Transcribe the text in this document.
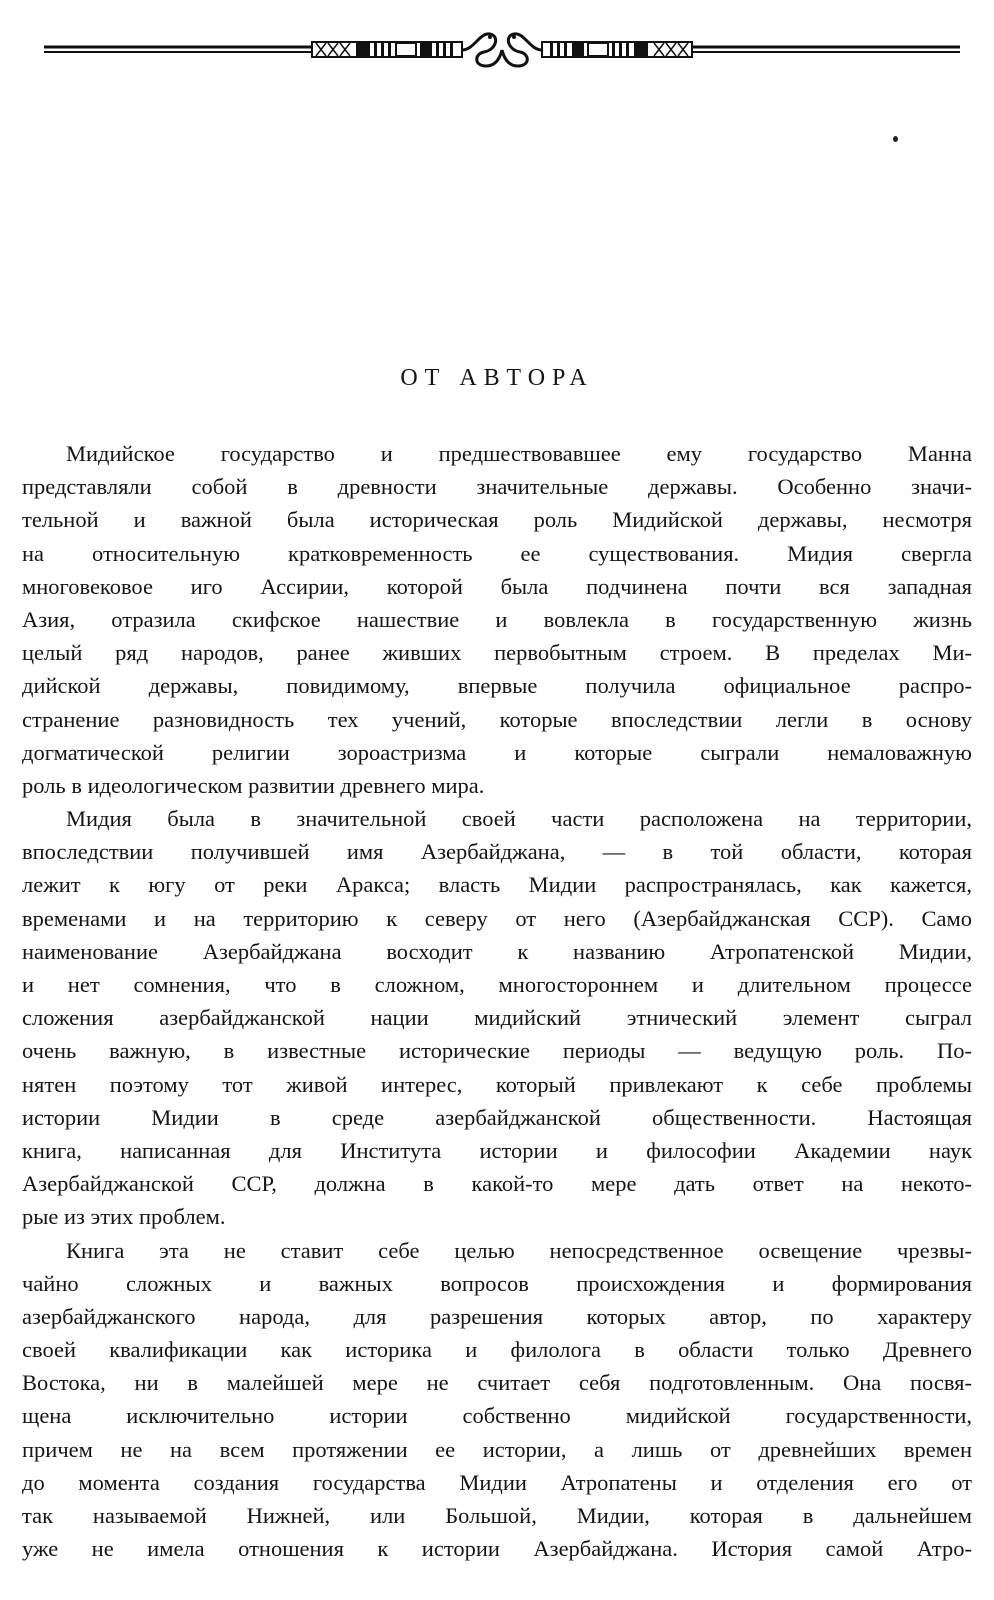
ОТ АВТОРА
Мидийское государство и предшествовавшее ему государство Манна
представляли собой в древности значительные державы. Особенно значи-
тельной и важной была историческая роль Мидийской державы, несмотря
на относительную кратковременность ее существования. Мидия свергла
многовековое иго Ассирии, которой была подчинена почти вся западная
Азия, отразила скифское нашествие и вовлекла в государственную жизнь
целый ряд народов, ранее живших первобытным строем. В пределах Ми-
дийской державы, повидимому, впервые получила официальное распро-
странение разновидность тех учений, которые впоследствии легли в основу
догматической религии зороастризма и которые сыграли немаловажную
роль в идеологическом развитии древнего мира.
Мидия была в значительной своей части расположена на территории,
впоследствии получившей имя Азербайджана, — в той области, которая
лежит к югу от реки Аракса; власть Мидии распространялась, как кажется,
временами и на территорию к северу от него (Азербайджанская ССР). Само
наименование Азербайджана восходит к названию Атропатенской Мидии,
и нет сомнения, что в сложном, многостороннем и длительном процессе
сложения азербайджанской нации мидийский этнический элемент сыграл
очень важную, в известные исторические периоды — ведущую роль. По-
нятен поэтому тот живой интерес, который привлекают к себе проблемы
истории Мидии в среде азербайджанской общественности. Настоящая
книга, написанная для Института истории и философии Академии наук
Азербайджанской ССР, должна в какой-то мере дать ответ на некото-
рые из этих проблем.
Книга эта не ставит себе целью непосредственное освещение чрезвы-
чайно сложных и важных вопросов происхождения и формирования
азербайджанского народа, для разрешения которых автор, по характеру
своей квалификации как историка и филолога в области только Древнего
Востока, ни в малейшей мере не считает себя подготовленным. Она посвя-
щена исключительно истории собственно мидийской государственности,
причем не на всем протяжении ее истории, а лишь от древнейших времен
до момента создания государства Мидии Атропатены и отделения его от
так называемой Нижней, или Большой, Мидии, которая в дальнейшем
уже не имела отношения к истории Азербайджана. История самой Атро-
